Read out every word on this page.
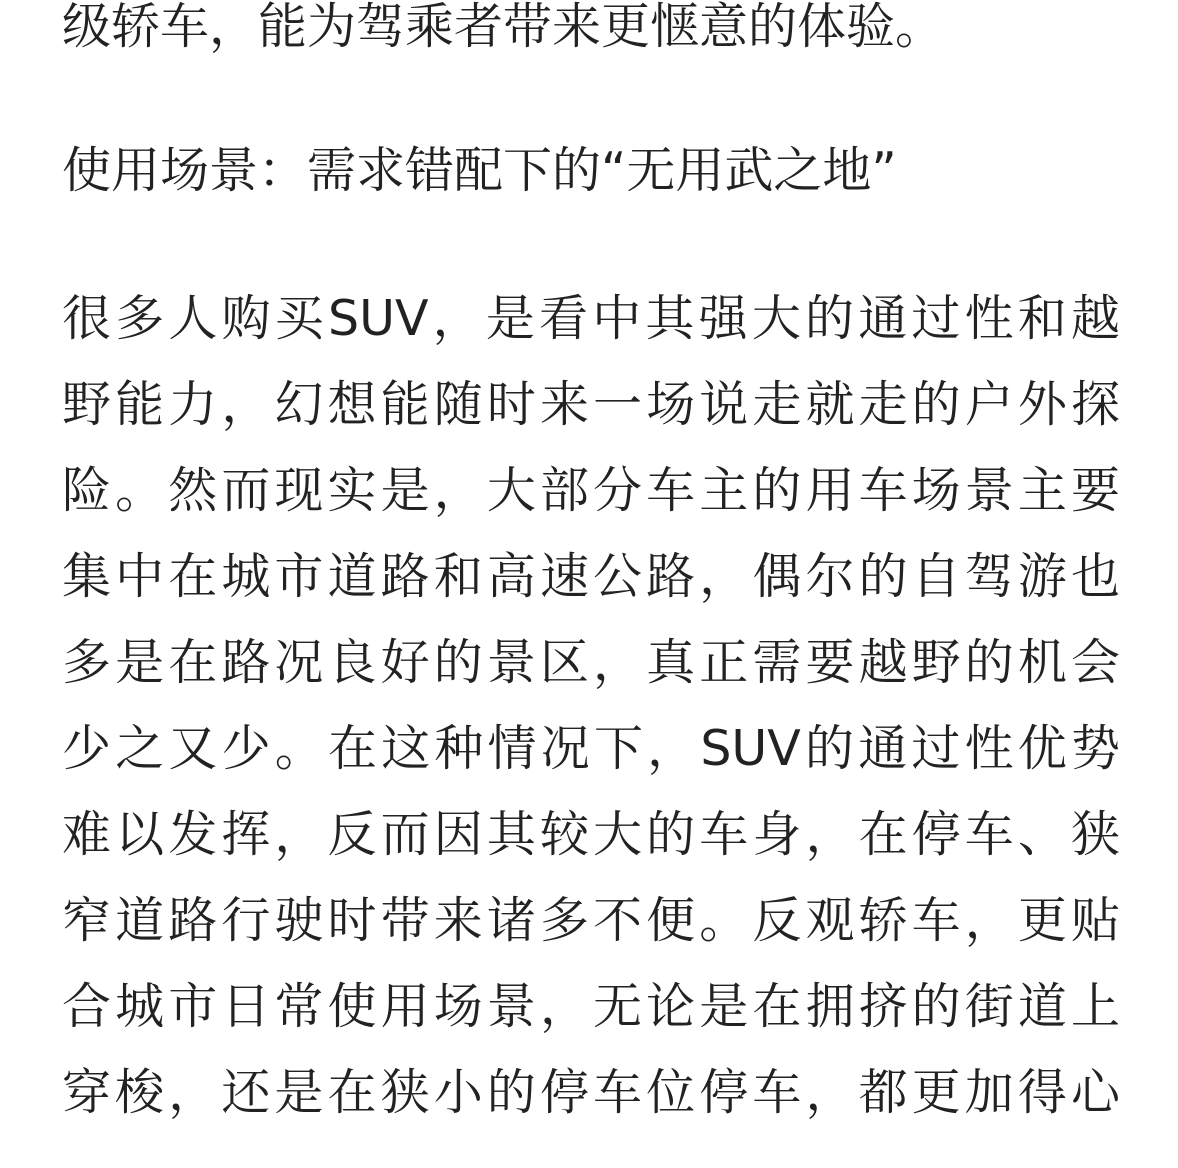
级轿车，能为驾乘者带来更惬意的体验。

使用场景：需求错配下的“无用武之地”

很多人购买SUV，是看中其强大的通过性和越
野能力，幻想能随时来一场说走就走的户外探
险。然而现实是，大部分车主的用车场景主要
集中在城市道路和高速公路，偶尔的自驾游也
多是在路况良好的景区，真正需要越野的机会
少之又少。在这种情况下，SUV的通过性优势
难以发挥，反而因其较大的车身，在停车、狭
窄道路行驶时带来诸多不便。反观轿车，更贴
合城市日常使用场景，无论是在拥挤的街道上
穿梭，还是在狭小的停车位停车，都更加得心
